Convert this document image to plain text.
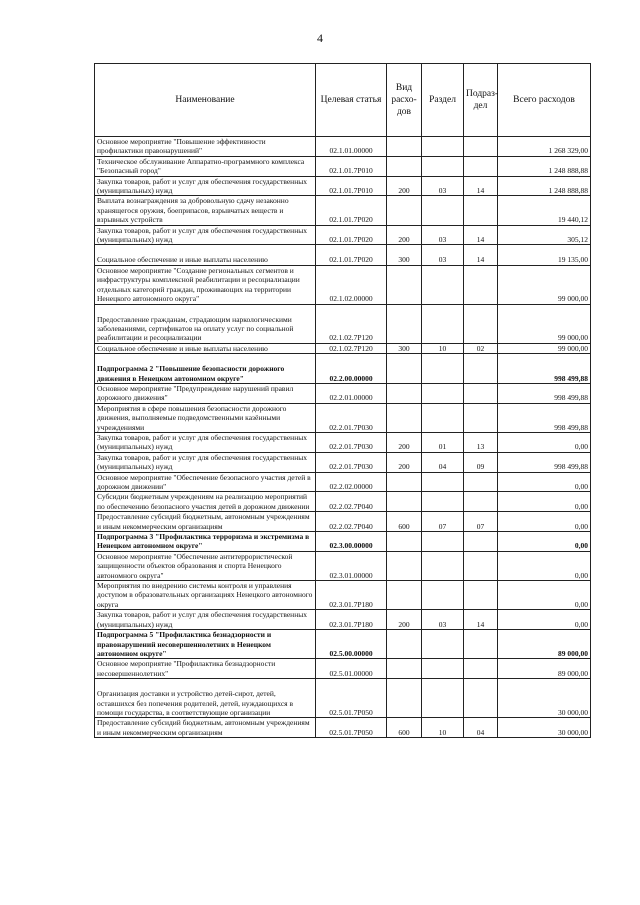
4
Наименование	Целевая статья	Вид расхо-дов	Раздел	Подраз-дел	Всего расходов
Основное мероприятие "Повышение эффективности профилактики правонарушений"	02.1.01.00000				1 268 329,00
Техническое обслуживание Аппаратно-программного комплекса "Безопасный город"	02.1.01.7Р010				1 248 888,88
Закупка товаров, работ и услуг для обеспечения государственных (муниципальных) нужд	02.1.01.7Р010	200	03	14	1 248 888,88
Выплата вознаграждения за добровольную сдачу незаконно хранящегося оружия, боеприпасов, взрывчатых веществ и взрывных устройств	02.1.01.7Р020				19 440,12
Закупка товаров, работ и услуг для обеспечения государственных (муниципальных) нужд	02.1.01.7Р020	200	03	14	305,12
Социальное обеспечение и иные выплаты населению	02.1.01.7Р020	300	03	14	19 135,00
Основное мероприятие "Создание региональных сегментов и инфраструктуры комплексной реабилитации и ресоциализации отдельных категорий граждан, проживающих на территории Ненецкого автономного округа"	02.1.02.00000				99 000,00
Предоставление гражданам, страдающим наркологическими заболеваниями, сертификатов на оплату услуг по социальной реабилитации и ресоциализации	02.1.02.7Р120				99 000,00
Социальное обеспечение и иные выплаты населению	02.1.02.7Р120	300	10	02	99 000,00
Подпрограмма 2 "Повышение безопасности дорожного движения в Ненецком автономном округе"	02.2.00.00000				998 499,88
Основное мероприятие "Предупреждение нарушений правил дорожного движения"	02.2.01.00000				998 499,88
Мероприятия в сфере повышения безопасности дорожного движения, выполняемые подведомственными казёнными учреждениями	02.2.01.7Р030				998 499,88
Закупка товаров, работ и услуг для обеспечения государственных (муниципальных) нужд	02.2.01.7Р030	200	01	13	0,00
Закупка товаров, работ и услуг для обеспечения государственных (муниципальных) нужд	02.2.01.7Р030	200	04	09	998 499,88
Основное мероприятие "Обеспечение безопасного участия детей в дорожном движении"	02.2.02.00000				0,00
Субсидии бюджетным учреждениям на реализацию мероприятий по обеспечению безопасного участия детей в дорожном движении	02.2.02.7Р040				0,00
Предоставление субсидий бюджетным, автономным учреждениям и иным некоммерческим организациям	02.2.02.7Р040	600	07	07	0,00
Подпрограмма 3 "Профилактика терроризма и экстремизма в Ненецком автономном округе"	02.3.00.00000				0,00
Основное мероприятие "Обеспечение антитеррористической защищенности объектов образования и спорта Ненецкого автономного округа"	02.3.01.00000				0,00
Мероприятия по внедрению системы контроля и управления доступом в образовательных организациях Ненецкого автономного округа	02.3.01.7Р180				0,00
Закупка товаров, работ и услуг для обеспечения государственных (муниципальных) нужд	02.3.01.7Р180	200	03	14	0,00
Подпрограмма 5 "Профилактика безнадзорности и правонарушений несовершеннолетних в Ненецком автономном округе"	02.5.00.00000				89 000,00
Основное мероприятие "Профилактика безнадзорности несовершеннолетних"	02.5.01.00000				89 000,00
Организация доставки и устройство детей-сирот, детей, оставшихся без попечения родителей, детей, нуждающихся в помощи государства, в соответствующие организации	02.5.01.7Р050				30 000,00
Предоставление субсидий бюджетным, автономным учреждениям и иным некоммерческим организациям	02.5.01.7Р050	600	10	04	30 000,00
